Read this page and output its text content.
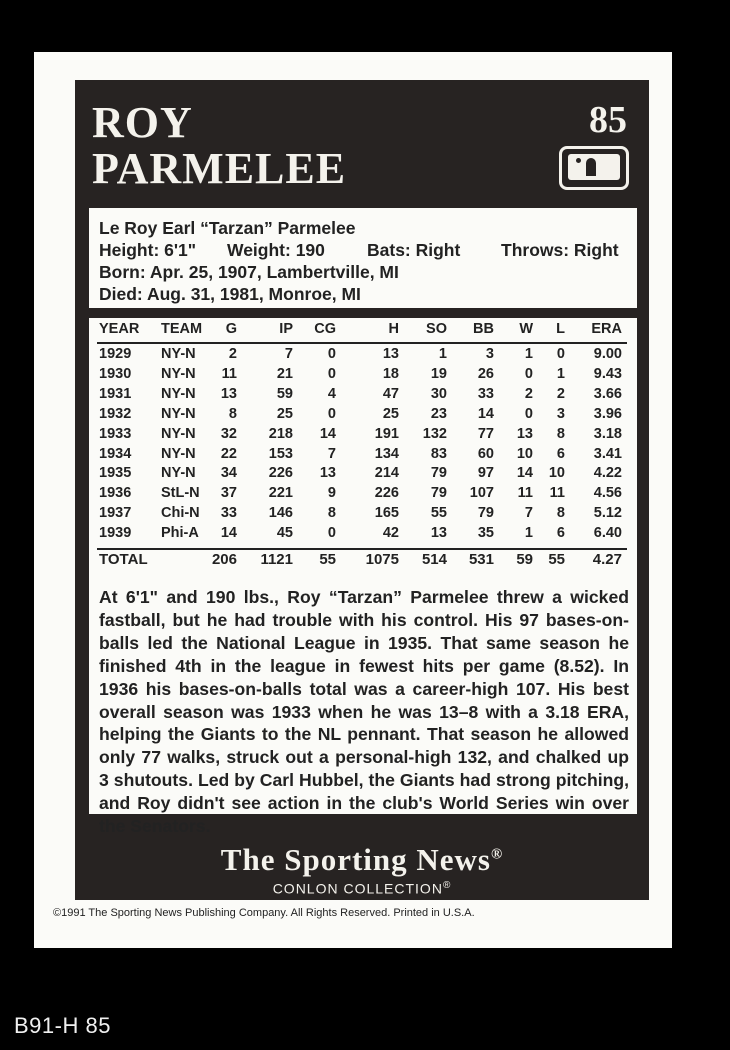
ROY
PARMELEE
85
Le Roy Earl “Tarzan” Parmelee
Height: 6'1" Weight: 190 Bats: Right Throws: Right
Born: Apr. 25, 1907, Lambertville, MI
Died: Aug. 31, 1981, Monroe, MI
YEAR TEAM G	IP CG	H SO BB W L ERA
1929 NY-N 2	7 0	13	1	3 1 0 9.00
1930 NY-N 11	21 0	18 19 26 0 1 9.43
1931 NY-N 13	59 4	47 30 33 2 2 3.66
1932 NY-N 8	25 0	25 23 14 0 3 3.96
1933 NY-N 32 218 14	191 132 77 13 8 3.18
1934 NY-N 22 153 7	134 83 60 10 6 3.41
1935 NY-N 34 226 13	214 79 97 14 10 4.22
1936 StL-N 37 221 9	226 79 107 11 11 4.56
1937 Chi-N 33 146 8	165 55 79 7 8 5.12
1939 Phi-A 14	45 0	42 13 35 1 6 6.40
TOTAL	206 1121 55 1075 514 531 59 55 4.27

At 6'1" and 190 lbs., Roy “Tarzan” Parmelee threw a wicked fastball, but he had trouble with his control. His 97 bases-on-balls led the National League in 1935. That same season he finished 4th in the league in fewest hits per game (8.52). In 1936 his bases-on-balls total was a career-high 107. His best overall season was 1933 when he was 13–8 with a 3.18 ERA, helping the Giants to the NL pennant. That season he allowed only 77 walks, struck out a personal-high 132, and chalked up 3 shutouts. Led by Carl Hubbel, the Giants had strong pitching, and Roy didn't see action in the club's World Series win over the Senators.

The Sporting News®
CONLON COLLECTION®
©1991 The Sporting News Publishing Company. All Rights Reserved. Printed in U.S.A.
B91-H 85
